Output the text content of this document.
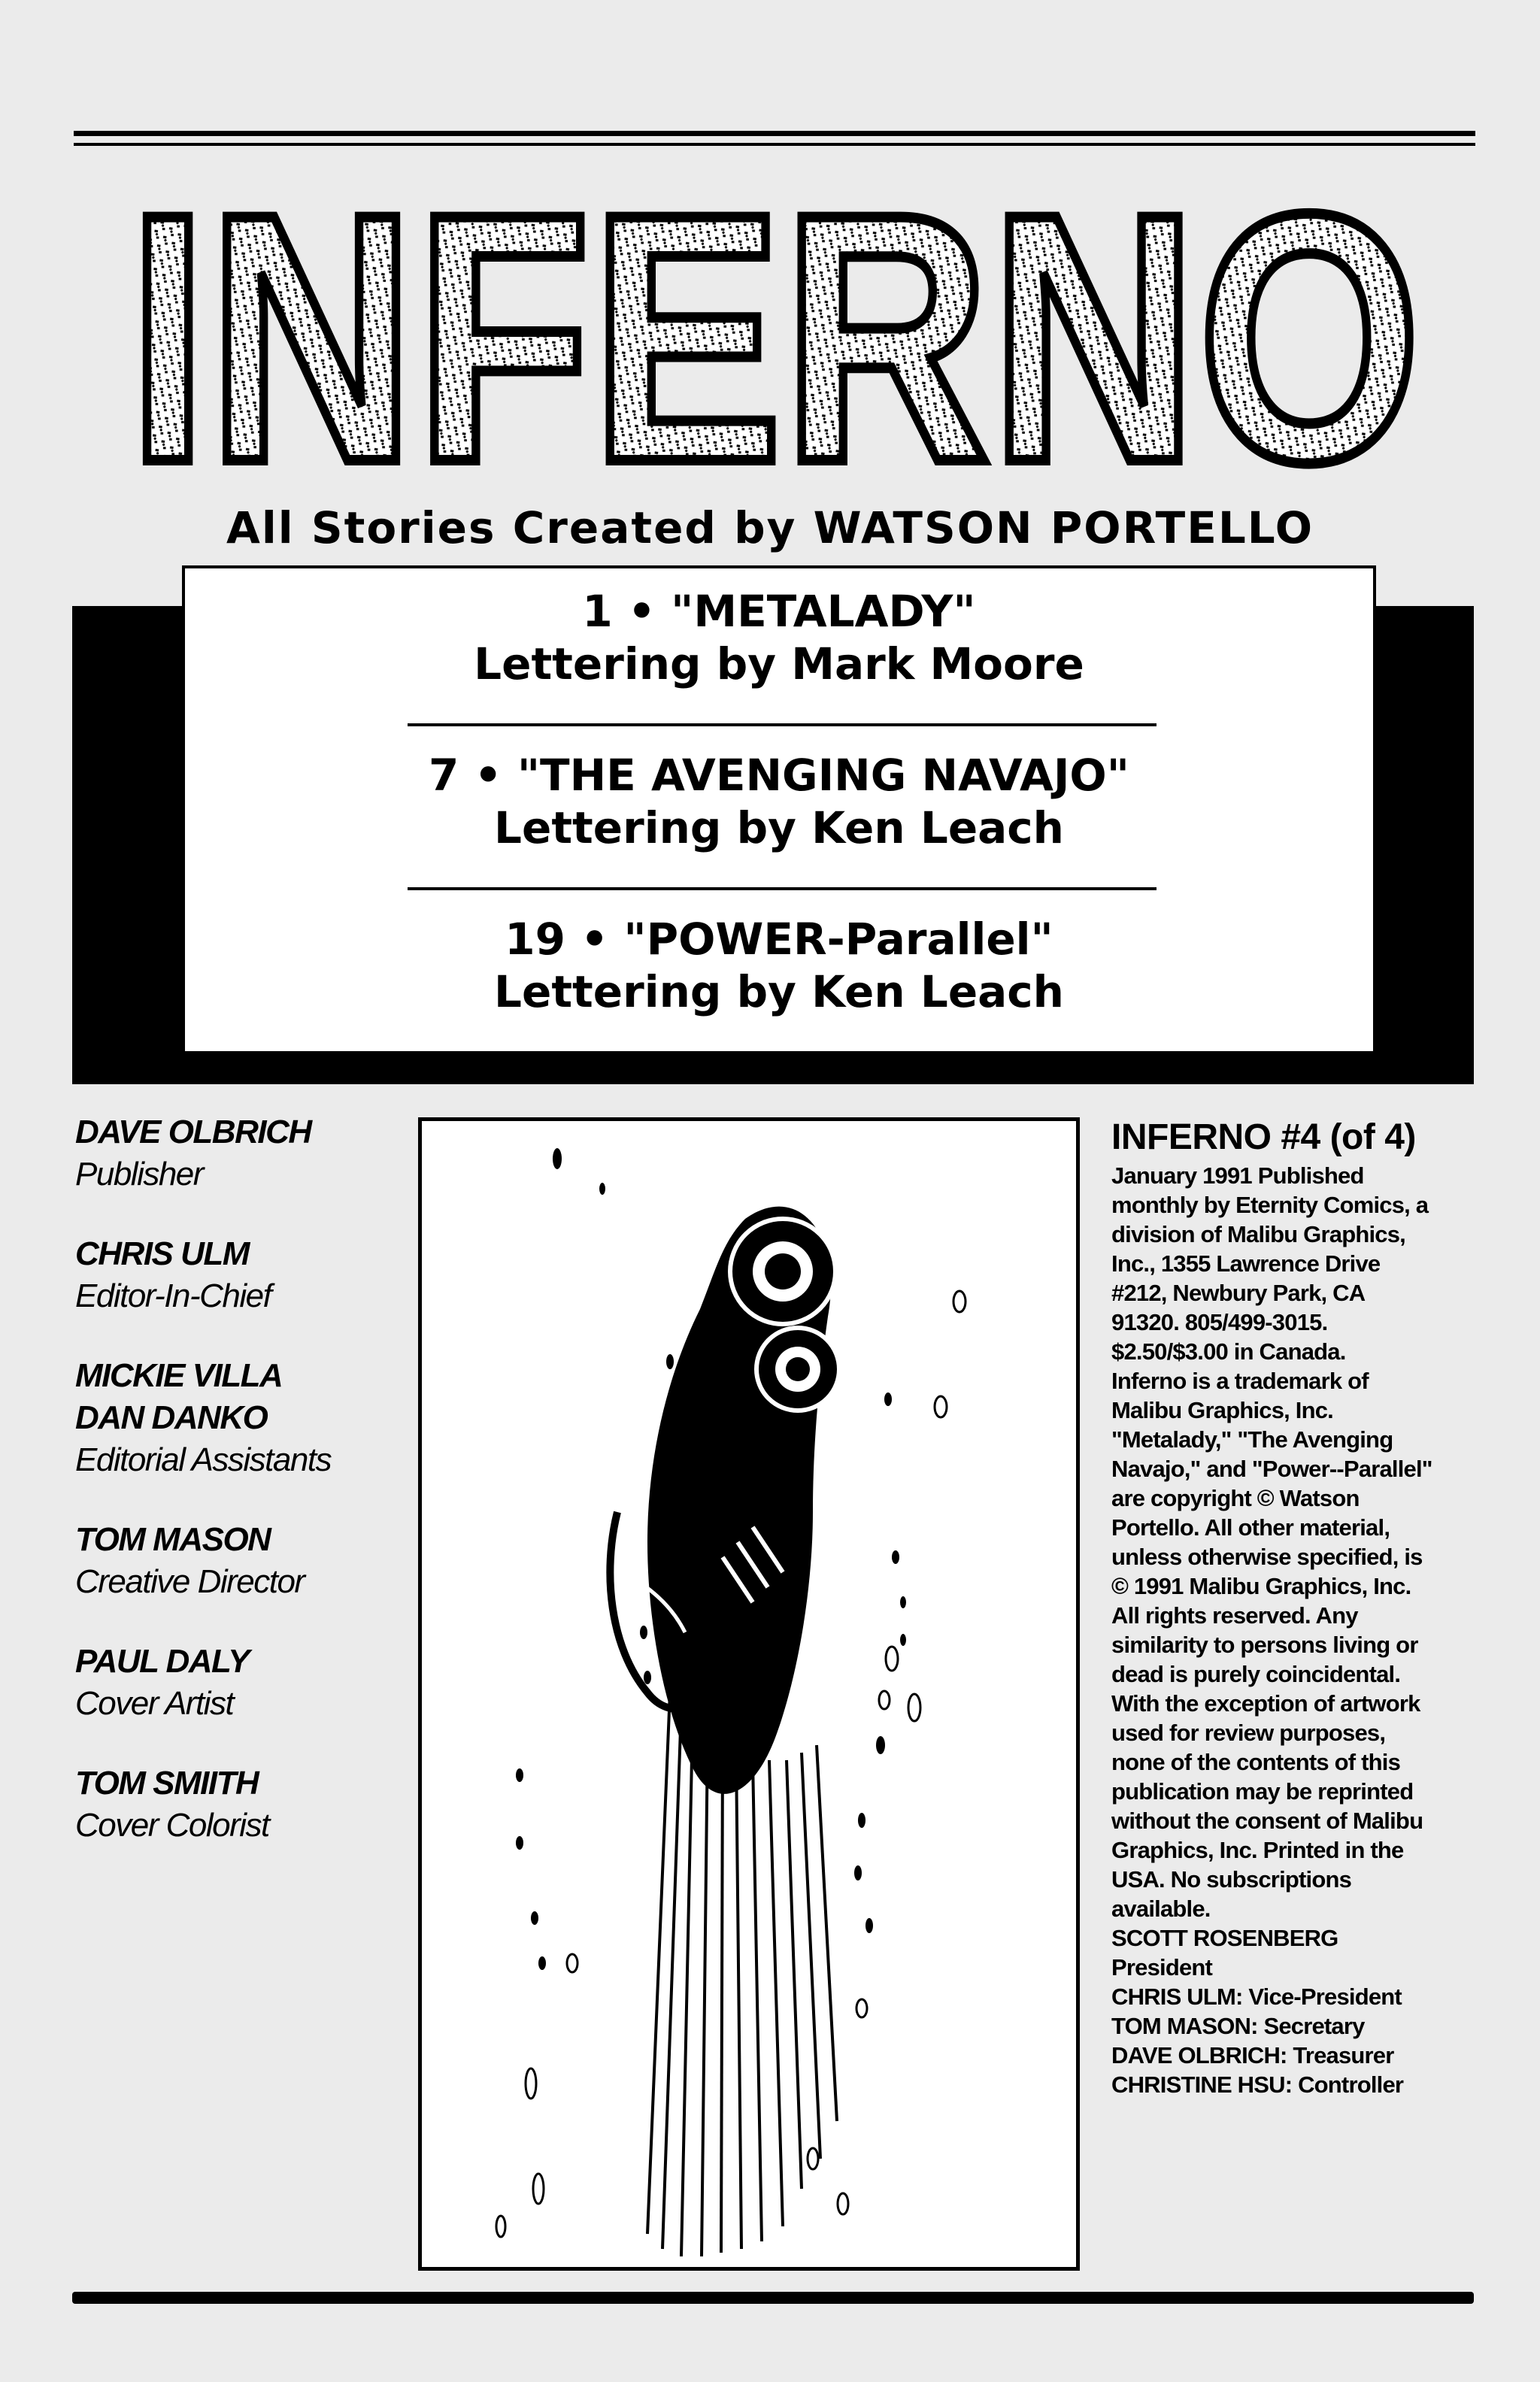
INFERNO
All Stories Created by WATSON PORTELLO
1 • "METALADY"
Lettering by Mark Moore
7 • "THE AVENGING NAVAJO"
Lettering by Ken Leach
19 • "POWER-Parallel"
Lettering by Ken Leach
DAVE OLBRICH
Publisher
CHRIS ULM
Editor-In-Chief
MICKIE VILLA
DAN DANKO
Editorial Assistants
TOM MASON
Creative Director
PAUL DALY
Cover Artist
TOM SMIITH
Cover Colorist
INFERNO #4 (of 4)
January 1991 Published
monthly by Eternity Comics, a
division of Malibu Graphics,
Inc., 1355 Lawrence Drive
#212, Newbury Park, CA
91320. 805/499-3015.
$2.50/$3.00 in Canada.
Inferno is a trademark of
Malibu Graphics, Inc.
"Metalady," "The Avenging
Navajo," and "Power--Parallel"
are copyright © Watson
Portello. All other material,
unless otherwise specified, is
© 1991 Malibu Graphics, Inc.
All rights reserved. Any
similarity to persons living or
dead is purely coincidental.
With the exception of artwork
used for review purposes,
none of the contents of this
publication may be reprinted
without the consent of Malibu
Graphics, Inc. Printed in the
USA. No subscriptions
available.
SCOTT ROSENBERG
President
CHRIS ULM: Vice-President
TOM MASON: Secretary
DAVE OLBRICH: Treasurer
CHRISTINE HSU: Controller
